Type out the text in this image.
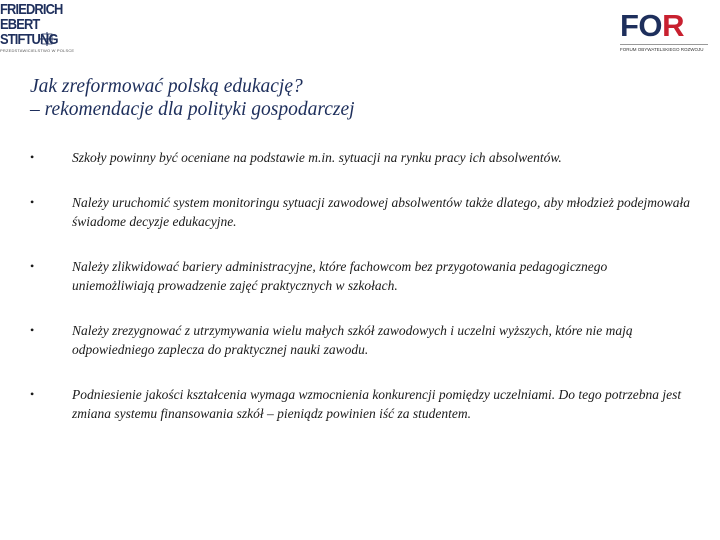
FRIEDRICH
EBERT
STIFTUNG
PRZEDSTAWICIELSTWO W POLSCE
FOR
FORUM OBYWATELSKIEGO ROZWOJU
Jak zreformować polską edukację?
– rekomendacje dla polityki gospodarczej
•	Szkoły powinny być oceniane na podstawie m.in. sytuacji na rynku pracy ich absolwentów.
•	Należy uruchomić system monitoringu sytuacji zawodowej absolwentów także dlatego, aby młodzież podejmowała świadome decyzje edukacyjne.
•	Należy zlikwidować bariery administracyjne, które fachowcom bez przygotowania pedagogicznego uniemożliwiają prowadzenie zajęć praktycznych w szkołach.
•	Należy zrezygnować z utrzymywania wielu małych szkół zawodowych i uczelni wyższych, które nie mają odpowiedniego zaplecza do praktycznej nauki zawodu.
•	Podniesienie jakości kształcenia wymaga wzmocnienia konkurencji pomiędzy uczelniami. Do tego potrzebna jest zmiana systemu finansowania szkół – pieniądz powinien iść za studentem.
